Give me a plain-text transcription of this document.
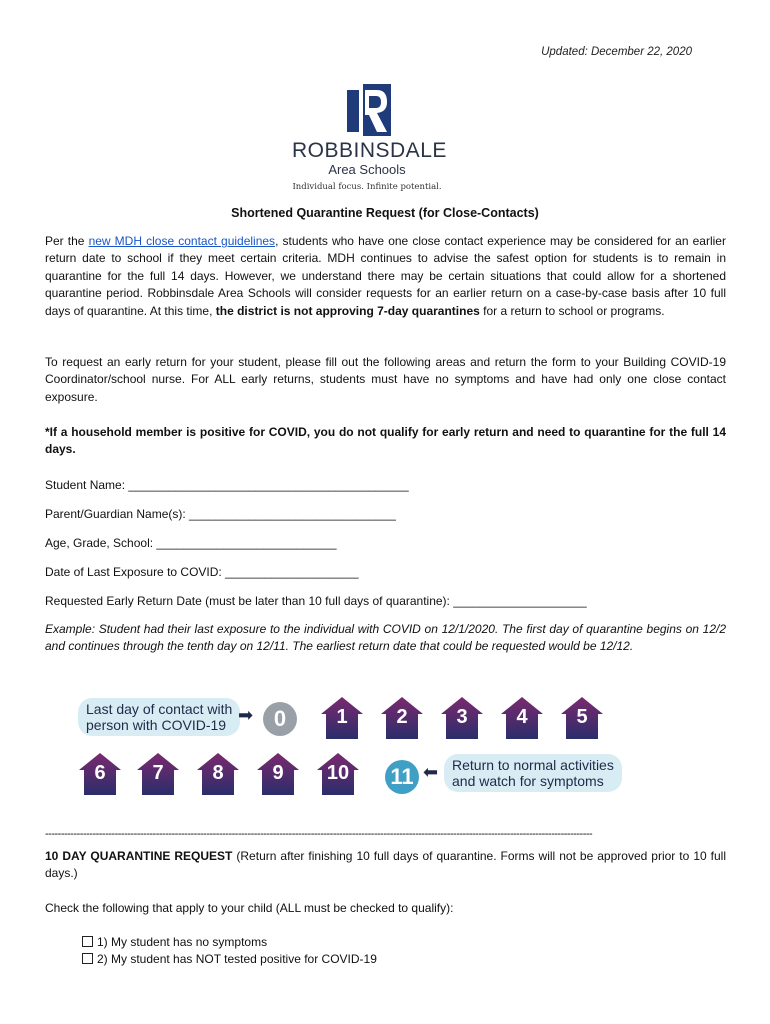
Updated: December 22, 2020
ROBBINSDALE
Area Schools
Individual focus. Infinite potential.
Shortened Quarantine Request (for Close-Contacts)
Per the new MDH close contact guidelines, students who have one close contact experience may be considered for an earlier return date to school if they meet certain criteria. MDH continues to advise the safest option for students is to remain in quarantine for the full 14 days. However, we understand there may be certain situations that could allow for a shortened quarantine period. Robbinsdale Area Schools will consider requests for an earlier return on a case-by-case basis after 10 full days of quarantine. At this time, the district is not approving 7-day quarantines for a return to school or programs.
To request an early return for your student, please fill out the following areas and return the form to your Building COVID-19 Coordinator/school nurse. For ALL early returns, students must have no symptoms and have had only one close contact exposure.
*If a household member is positive for COVID, you do not qualify for early return and need to quarantine for the full 14 days.
Student Name: __________________________________________
Parent/Guardian Name(s): _______________________________
Age, Grade, School: ___________________________
Date of Last Exposure to COVID: ____________________
Requested Early Return Date (must be later than 10 full days of quarantine): ____________________
Example: Student had their last exposure to the individual with COVID on 12/1/2020. The first day of quarantine begins on 12/2 and continues through the tenth day on 12/11. The earliest return date that could be requested would be 12/12.
Last day of contact with
person with COVID-19 ➡ 0	1	2	3	4	5
6	7	8	9	10	11 ⬅ Return to normal activities
and watch for symptoms
-----------------------------------------------------------------------------------------------------------------------------------------------------------------------------
10 DAY QUARANTINE REQUEST (Return after finishing 10 full days of quarantine. Forms will not be approved prior to 10 full days.)
Check the following that apply to your child (ALL must be checked to qualify):
1) My student has no symptoms
2) My student has NOT tested positive for COVID-19
